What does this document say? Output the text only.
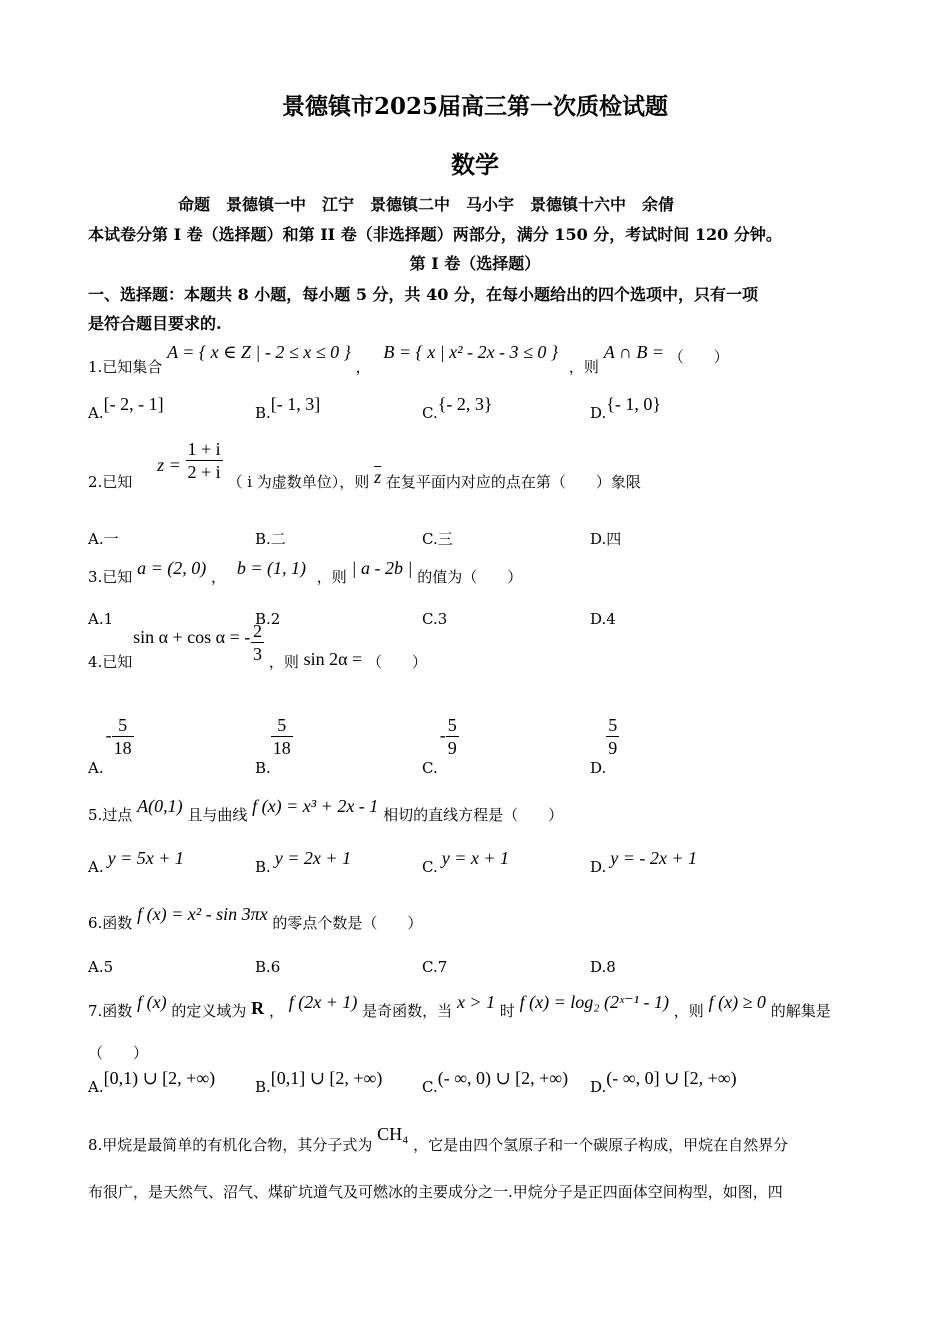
景德镇市2025届高三第一次质检试题
数学
命题　景德镇一中　江宁　景德镇二中　马小宇　景德镇十六中　余倩
本试卷分第 I 卷（选择题）和第 II 卷（非选择题）两部分，满分 150 分，考试时间 120 分钟。
第 I 卷（选择题）
一、选择题：本题共 8 小题，每小题 5 分，共 40 分，在每小题给出的四个选项中，只有一项
是符合题目要求的.
1.已知集合 A = { x ∈ Z | - 2 ≤ x ≤ 0 } ， B = { x | x² - 2x - 3 ≤ 0 } ，则 A ∩ B = （　　）
A.[- 2, - 1]	B.[- 1, 3]	C.{- 2, 3}	D.{- 1, 0}
2.已知 $z = \frac{1 + i}{2 + i}$ （ i 为虚数单位），则 $\overline{z}$ 在复平面内对应的点在第（　　）象限
A.一	B.二	C.三	D.四
3.已知 a = (2, 0) ， b = (1, 1) ，则 | a - 2b | 的值为（　　）
A.1	B.2	C.3	D.4
4.已知 sin α + cos α = - $\frac{2}{3}$ ，则 sin 2α = （　　）
$A.- \frac{5}{18}$
B.
$\frac{5}{18}$
$C.- \frac{5}{9}$
D.
$\frac{5}{9}$
5.过点 A(0,1) 且与曲线 f (x) = x³ + 2x - 1 相切的直线方程是（　　）
A. y = 5x + 1	B. y = 2x + 1	C. y = x + 1	D. y = - 2x + 1
6.函数 f (x) = x² - sin 3πx 的零点个数是（　　）
A.5	B.6	C.7	D.8
7.函数 f (x) 的定义域为 R ， f (2x + 1) 是奇函数，当 x > 1 时 f (x) = log₂ (2ˣ⁻¹ - 1) ，则 f (x) ≥ 0 的解集是
（　　）
A.[0,1) ∪ [2, +∞)	B.[0,1] ∪ [2, +∞)	C.(- ∞, 0) ∪ [2, +∞) D.(- ∞, 0] ∪ [2, +∞)
8.甲烷是最简单的有机化合物，其分子式为 CH₄ ，它是由四个氢原子和一个碳原子构成，甲烷在自然界分
布很广，是天然气、沼气、煤矿坑道气及可燃冰的主要成分之一.甲烷分子是正四面体空间构型，如图，四
